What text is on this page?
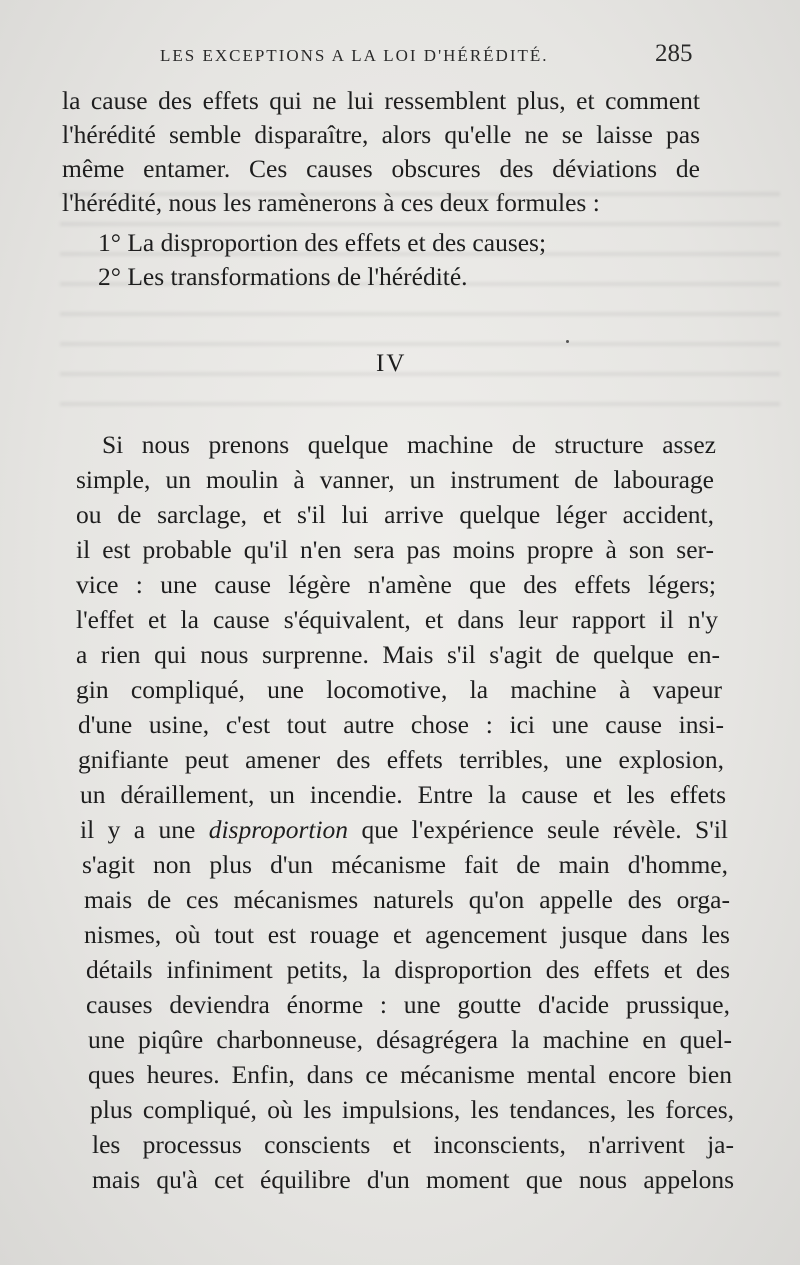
LES EXCEPTIONS A LA LOI D'HÉRÉDITÉ.	285
la cause des effets qui ne lui ressemblent plus, et comment
l'hérédité semble disparaître, alors qu'elle ne se laisse pas
même entamer. Ces causes obscures des déviations de
l'hérédité, nous les ramènerons à ces deux formules :
1° La disproportion des effets et des causes;
2° Les transformations de l'hérédité.
IV
Si nous prenons quelque machine de structure assez
simple, un moulin à vanner, un instrument de labourage
ou de sarclage, et s'il lui arrive quelque léger accident,
il est probable qu'il n'en sera pas moins propre à son ser-
vice : une cause légère n'amène que des effets légers;
l'effet et la cause s'équivalent, et dans leur rapport il n'y
a rien qui nous surprenne. Mais s'il s'agit de quelque en-
gin compliqué, une locomotive, la machine à vapeur
d'une usine, c'est tout autre chose : ici une cause insi-
gnifiante peut amener des effets terribles, une explosion,
un déraillement, un incendie. Entre la cause et les effets
il y a une disproportion que l'expérience seule révèle. S'il
s'agit non plus d'un mécanisme fait de main d'homme,
mais de ces mécanismes naturels qu'on appelle des orga-
nismes, où tout est rouage et agencement jusque dans les
détails infiniment petits, la disproportion des effets et des
causes deviendra énorme : une goutte d'acide prussique,
une piqûre charbonneuse, désagrégera la machine en quel-
ques heures. Enfin, dans ce mécanisme mental encore bien
plus compliqué, où les impulsions, les tendances, les forces,
les processus conscients et inconscients, n'arrivent ja-
mais qu'à cet équilibre d'un moment que nous appelons
